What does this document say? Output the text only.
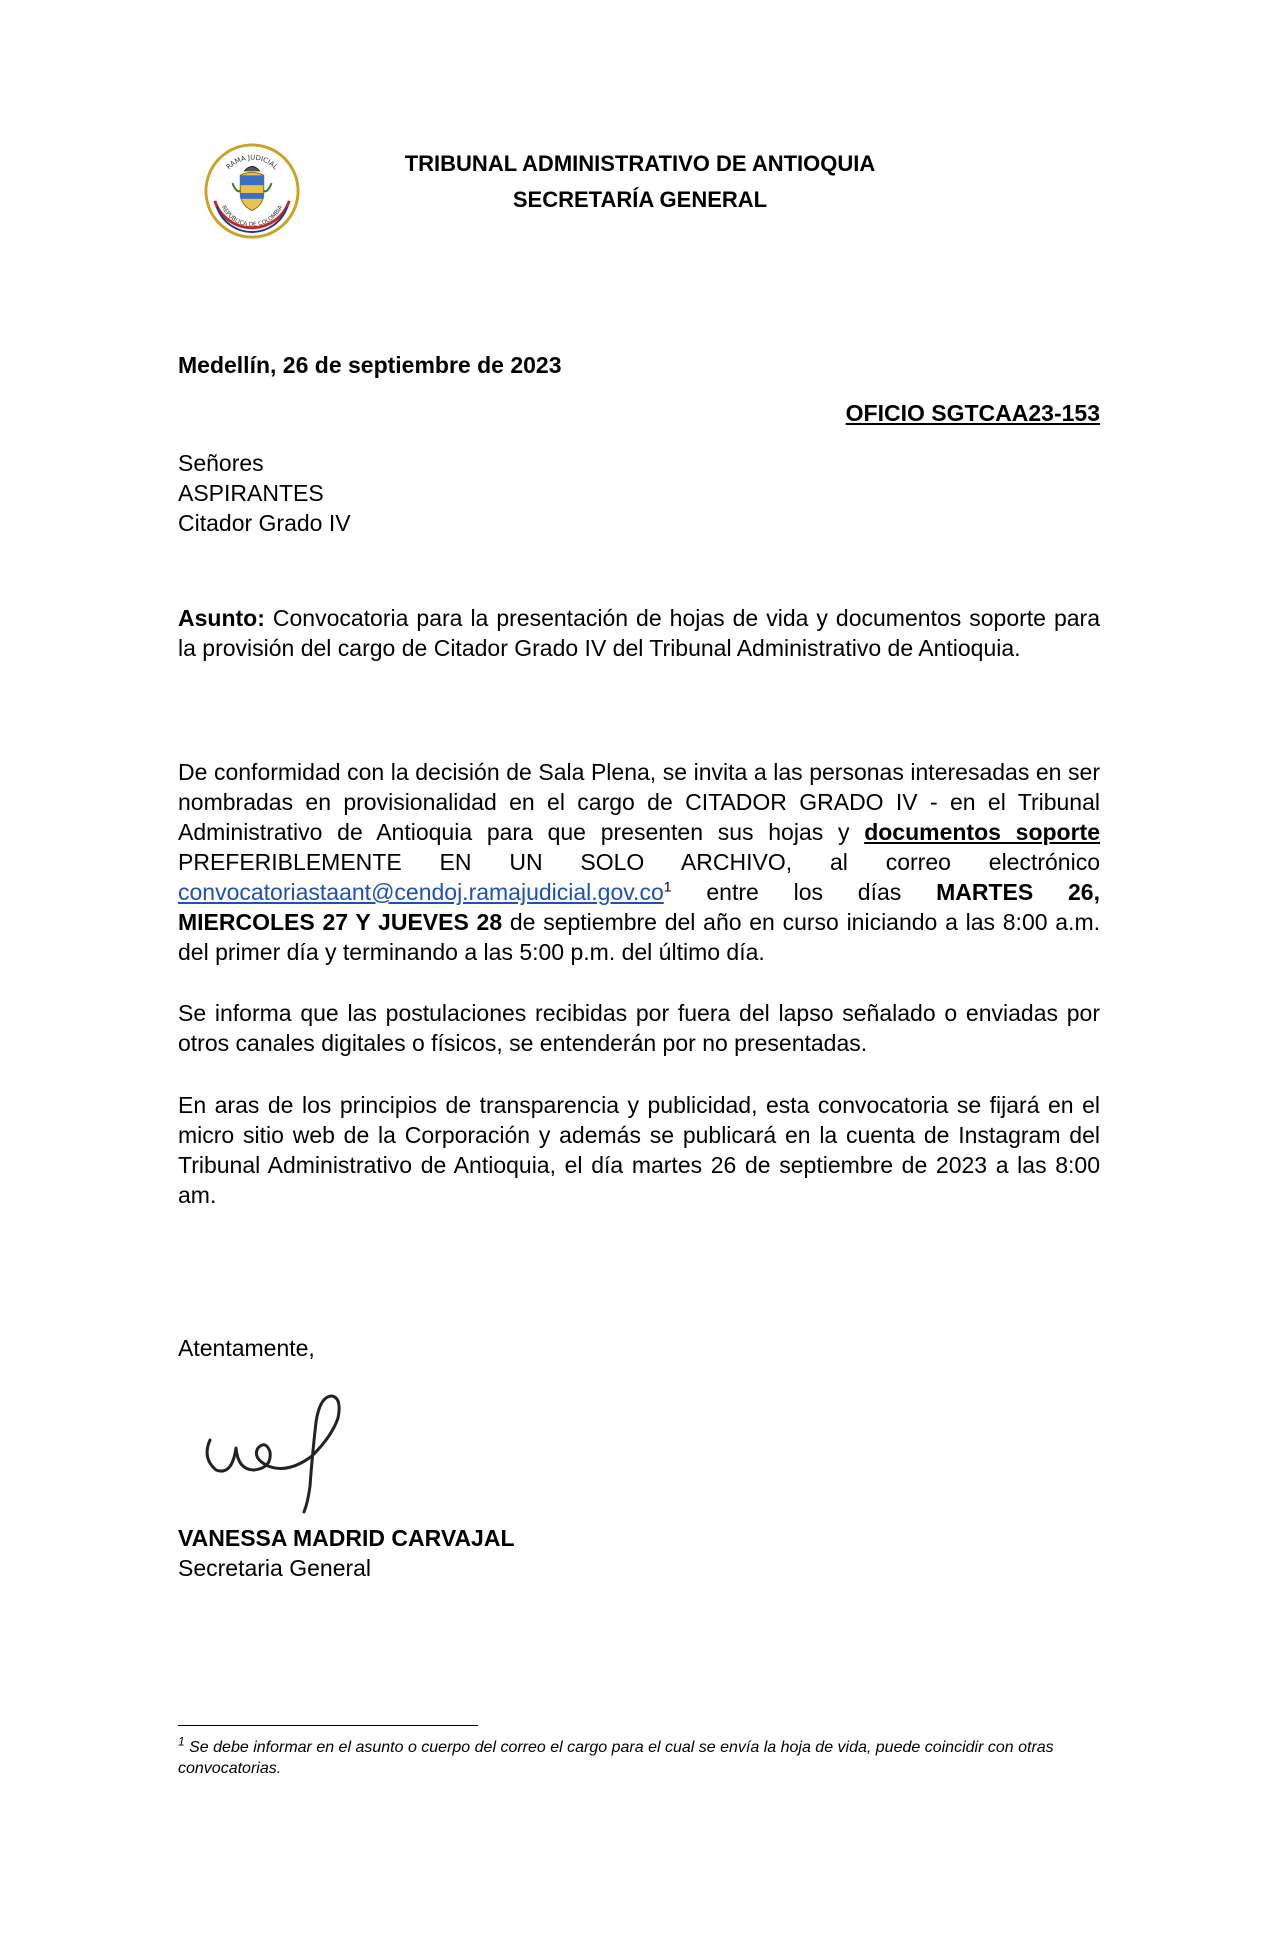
RAMA JUDICIAL
REPÚBLICA DE COLOMBIA
TRIBUNAL ADMINISTRATIVO DE ANTIOQUIA
SECRETARÍA GENERAL
Medellín, 26 de septiembre de 2023
OFICIO SGTCAA23-153
Señores
ASPIRANTES
Citador Grado IV
Asunto: Convocatoria para la presentación de hojas de vida y documentos soporte para la provisión del cargo de Citador Grado IV del Tribunal Administrativo de Antioquia.
De conformidad con la decisión de Sala Plena, se invita a las personas interesadas en ser nombradas en provisionalidad en el cargo de CITADOR GRADO IV - en el Tribunal Administrativo de Antioquia para que presenten sus hojas y documentos soporte PREFERIBLEMENTE EN UN SOLO ARCHIVO, al correo electrónico $convocatoriastaant@cendoj.ramajudicial.gov.co^1$ entre los días MARTES 26, MIERCOLES 27 Y JUEVES 28 de septiembre del año en curso iniciando a las 8:00 a.m. del primer día y terminando a las 5:00 p.m. del último día.
Se informa que las postulaciones recibidas por fuera del lapso señalado o enviadas por otros canales digitales o físicos, se entenderán por no presentadas.
En aras de los principios de transparencia y publicidad, esta convocatoria se fijará en el micro sitio web de la Corporación y además se publicará en la cuenta de Instagram del Tribunal Administrativo de Antioquia, el día martes 26 de septiembre de 2023 a las 8:00 am.
Atentamente,
VANESSA MADRID CARVAJAL
Secretaria General
$^1$ Se debe informar en el asunto o cuerpo del correo el cargo para el cual se envía la hoja de vida, puede coincidir con otras convocatorias.
